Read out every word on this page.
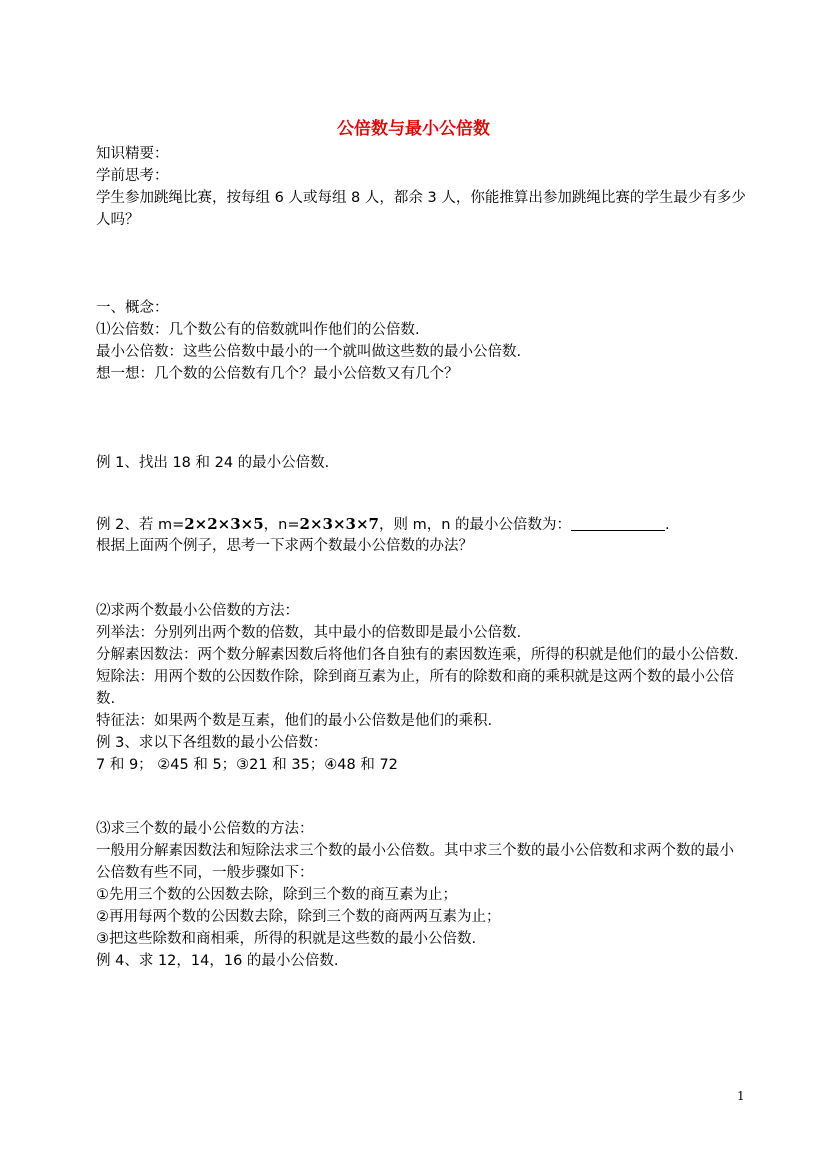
公倍数与最小公倍数
知识精要：
学前思考：
学生参加跳绳比赛，按每组 6 人或每组 8 人，都余 3 人，你能推算出参加跳绳比赛的学生最少有多少
人吗？
一、概念：
⑴公倍数：几个数公有的倍数就叫作他们的公倍数.
最小公倍数：这些公倍数中最小的一个就叫做这些数的最小公倍数.
想一想：几个数的公倍数有几个？最小公倍数又有几个？
例 1、找出 18 和 24 的最小公倍数.
例 2、若 m=2×2×3×5，n=2×3×3×7，则 m，n 的最小公倍数为：	.
根据上面两个例子，思考一下求两个数最小公倍数的办法？
⑵求两个数最小公倍数的方法：
列举法：分别列出两个数的倍数，其中最小的倍数即是最小公倍数.
分解素因数法：两个数分解素因数后将他们各自独有的素因数连乘，所得的积就是他们的最小公倍数.
短除法：用两个数的公因数作除，除到商互素为止，所有的除数和商的乘积就是这两个数的最小公倍
数.
特征法：如果两个数是互素，他们的最小公倍数是他们的乘积.
例 3、求以下各组数的最小公倍数：
7 和 9； ②45 和 5；③21 和 35；④48 和 72
⑶求三个数的最小公倍数的方法：
一般用分解素因数法和短除法求三个数的最小公倍数。其中求三个数的最小公倍数和求两个数的最小
公倍数有些不同，一般步骤如下：
①先用三个数的公因数去除，除到三个数的商互素为止；
②再用每两个数的公因数去除，除到三个数的商两两互素为止；
③把这些除数和商相乘，所得的积就是这些数的最小公倍数.
例 4、求 12，14，16 的最小公倍数.
1
